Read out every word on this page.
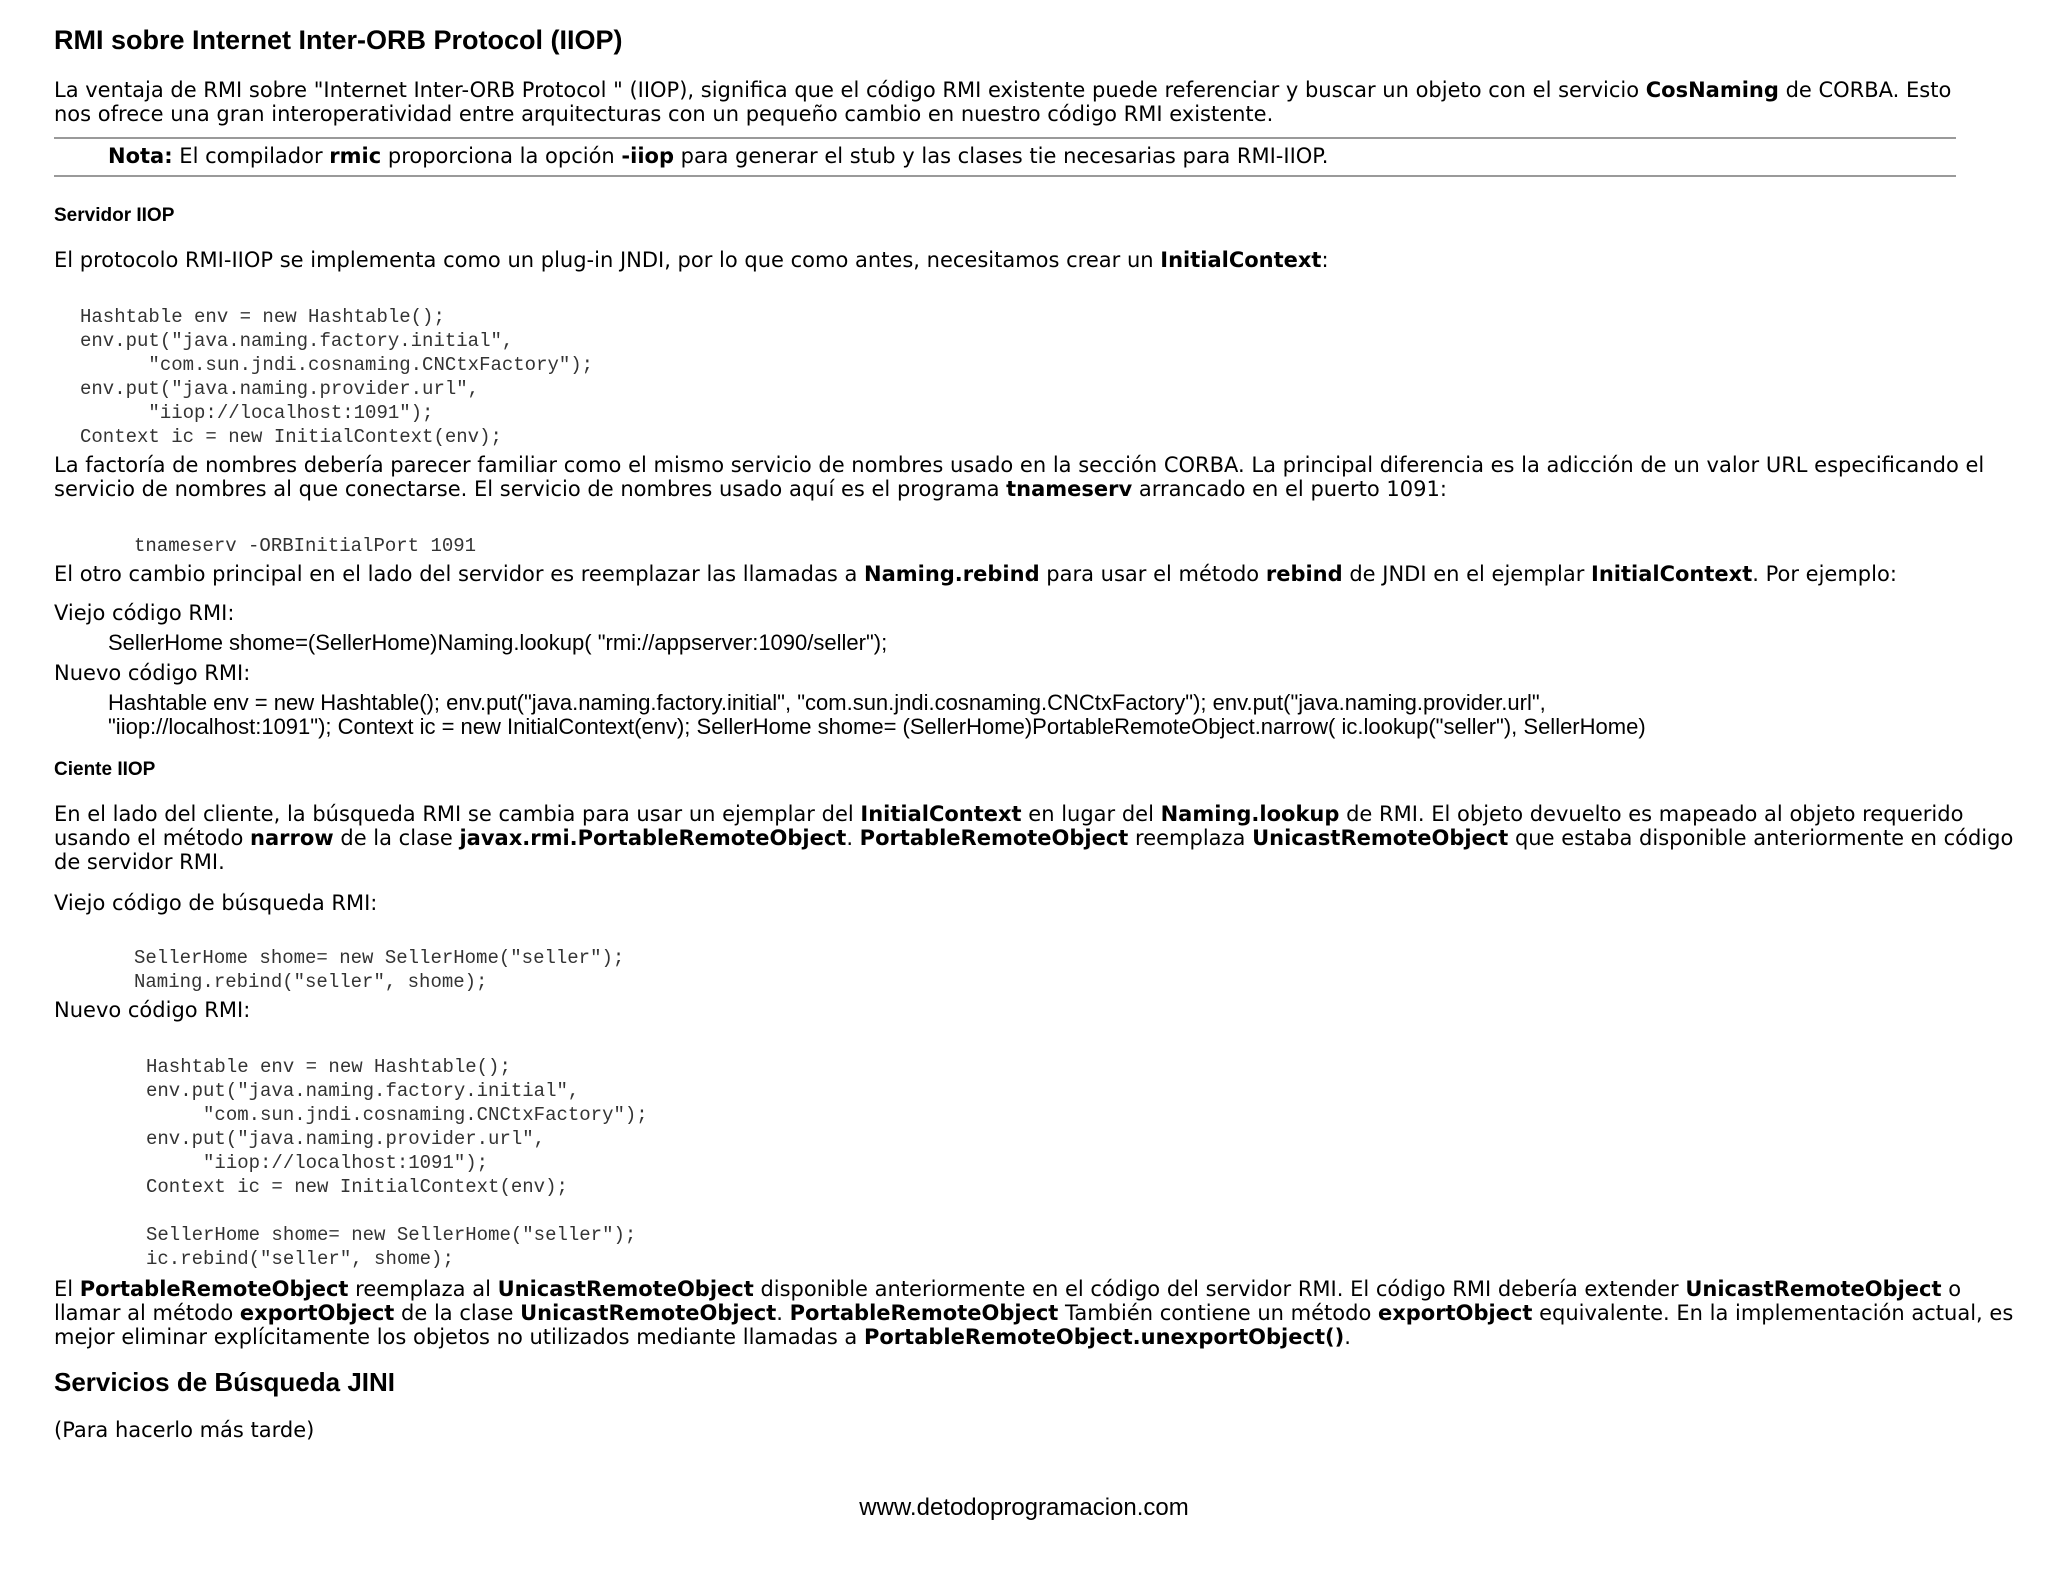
RMI sobre Internet Inter-ORB Protocol (IIOP)

La ventaja de RMI sobre "Internet Inter-ORB Protocol " (IIOP), significa que el código RMI existente puede referenciar y buscar un objeto con el servicio CosNaming de CORBA. Esto

nos ofrece una gran interoperatividad entre arquitecturas con un pequeño cambio en nuestro código RMI existente.

Nota: El compilador rmic proporciona la opción -iiop para generar el stub y las clases tie necesarias para RMI-IIOP.

Servidor IIOP

El protocolo RMI-IIOP se implementa como un plug-in JNDI, por lo que como antes, necesitamos crear un InitialContext:

Hashtable env = new Hashtable();
env.put("java.naming.factory.initial",
"com.sun.jndi.cosnaming.CNCtxFactory");
env.put("java.naming.provider.url",
"iiop://localhost:1091");
Context ic = new InitialContext(env);

La factoría de nombres debería parecer familiar como el mismo servicio de nombres usado en la sección CORBA. La principal diferencia es la adicción de un valor URL especificando el

servicio de nombres al que conectarse. El servicio de nombres usado aquí es el programa tnameserv arrancado en el puerto 1091:

tnameserv -ORBInitialPort 1091

El otro cambio principal en el lado del servidor es reemplazar las llamadas a Naming.rebind para usar el método rebind de JNDI en el ejemplar InitialContext. Por ejemplo:

Viejo código RMI:

SellerHome shome=(SellerHome)Naming.lookup( "rmi://appserver:1090/seller");

Nuevo código RMI:

Hashtable env = new Hashtable(); env.put("java.naming.factory.initial", "com.sun.jndi.cosnaming.CNCtxFactory"); env.put("java.naming.provider.url",

"iiop://localhost:1091"); Context ic = new InitialContext(env); SellerHome shome= (SellerHome)PortableRemoteObject.narrow( ic.lookup("seller"), SellerHome)

Ciente IIOP

En el lado del cliente, la búsqueda RMI se cambia para usar un ejemplar del InitialContext en lugar del Naming.lookup de RMI. El objeto devuelto es mapeado al objeto requerido

usando el método narrow de la clase javax.rmi.PortableRemoteObject. PortableRemoteObject reemplaza UnicastRemoteObject que estaba disponible anteriormente en código

de servidor RMI.

Viejo código de búsqueda RMI:

SellerHome shome= new SellerHome("seller");
Naming.rebind("seller", shome);

Nuevo código RMI:

Hashtable env = new Hashtable();
env.put("java.naming.factory.initial",
"com.sun.jndi.cosnaming.CNCtxFactory");
env.put("java.naming.provider.url",
"iiop://localhost:1091");
Context ic = new InitialContext(env);

SellerHome shome= new SellerHome("seller");
ic.rebind("seller", shome);

El PortableRemoteObject reemplaza al UnicastRemoteObject disponible anteriormente en el código del servidor RMI. El código RMI debería extender UnicastRemoteObject o

llamar al método exportObject de la clase UnicastRemoteObject. PortableRemoteObject También contiene un método exportObject equivalente. En la implementación actual, es

mejor eliminar explícitamente los objetos no utilizados mediante llamadas a PortableRemoteObject.unexportObject().

Servicios de Búsqueda JINI

(Para hacerlo más tarde)

www.detodoprogramacion.com
